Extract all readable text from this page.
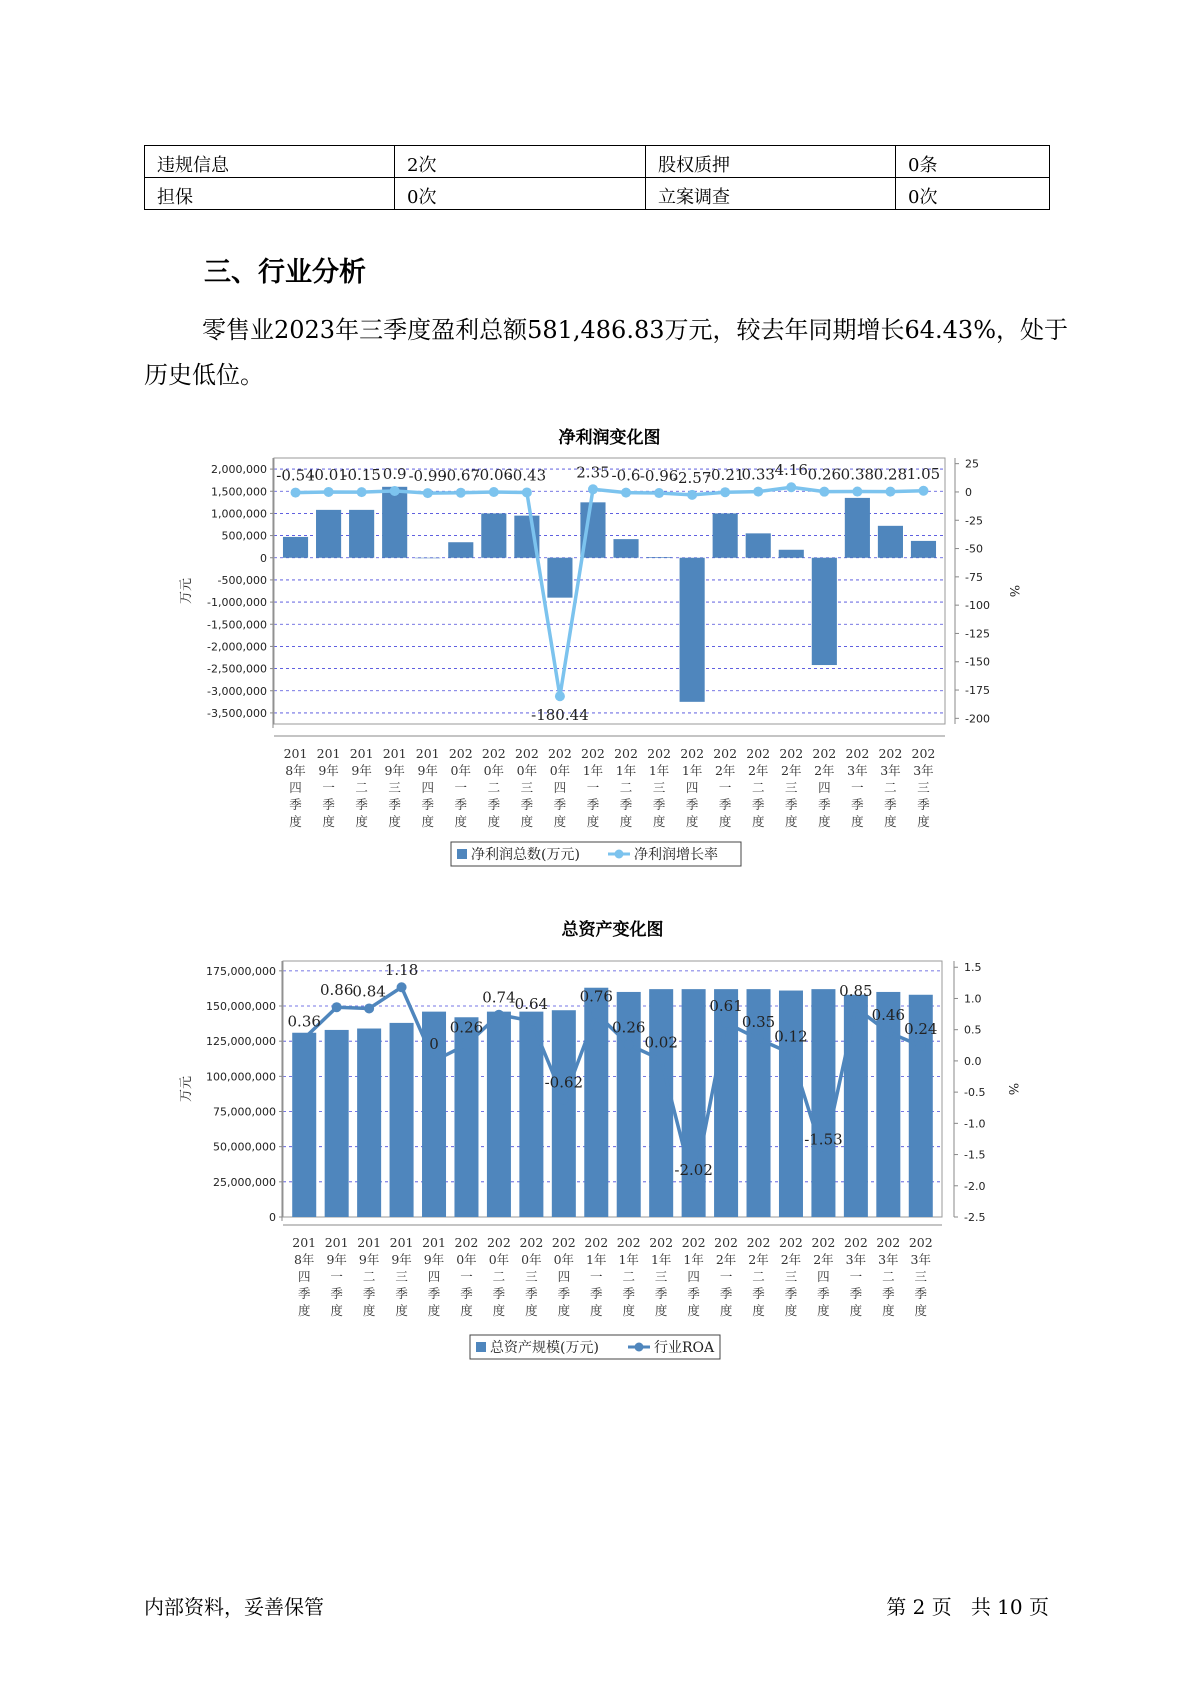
违规信息	2次	股权质押	0条
担保	0次	立案调查	0次
三、行业分析

零售业2023年三季度盈利总额581,486.83万元，较去年同期增长64.43%，处于历史低位。

净利润变化图
2,000,000
1,500,000
1,000,000
500,000
0
-500,000
-1,000,000
-1,500,000
-2,000,000
-2,500,000
-3,000,000
-3,500,000
25
0
-25
-50
-75
-100
-125
-150
-175
-200
万元	%
-0.54
-0.01
-0.15 0.9 -0.99
-0.67
-0.06
-0.43
-180.44
2.35 -0.6 -0.96
-2.57
-0.21
0.33 4.16 0.26 0.38 0.28 1.05
201 8年四季度
201 9年一季度
201 9年二季度
201 9年三季度
201 9年四季度
202 0年一季度
202 0年二季度
202 0年三季度
202 0年四季度
202 1年一季度
202 1年二季度
202 1年三季度
202 1年四季度
202 2年一季度
202 2年二季度
202 2年三季度
202 2年四季度
202 3年一季度
202 3年二季度
202 3年三季度
净利润总数(万元)	净利润增长率
总资产变化图
175,000,000
150,000,000
125,000,000
100,000,000
75,000,000
50,000,000
25,000,000
0
1.5
1.0
0.5
0.0
-0.5
-1.0
-1.5
-2.0
-2.5
万元	%
0.36
0.86 0.84
1.18
0
0.26
0.74 0.64
-0.62
0.76
0.26
0.02
-2.02
0.61
0.35
0.12
-1.53
0.85
0.46
0.24
201 8年四季度
201 9年一季度
201 9年二季度
201 9年三季度
201 9年四季度
202 0年一季度
202 0年二季度
202 0年三季度
202 0年四季度
202 1年一季度
202 1年二季度
202 1年三季度
202 1年四季度
202 2年一季度
202 2年二季度
202 2年三季度
202 2年四季度
202 3年一季度
202 3年二季度
202 3年三季度
总资产规模(万元)	行业ROA
内部资料，妥善保管	第 2 页   共 10 页
